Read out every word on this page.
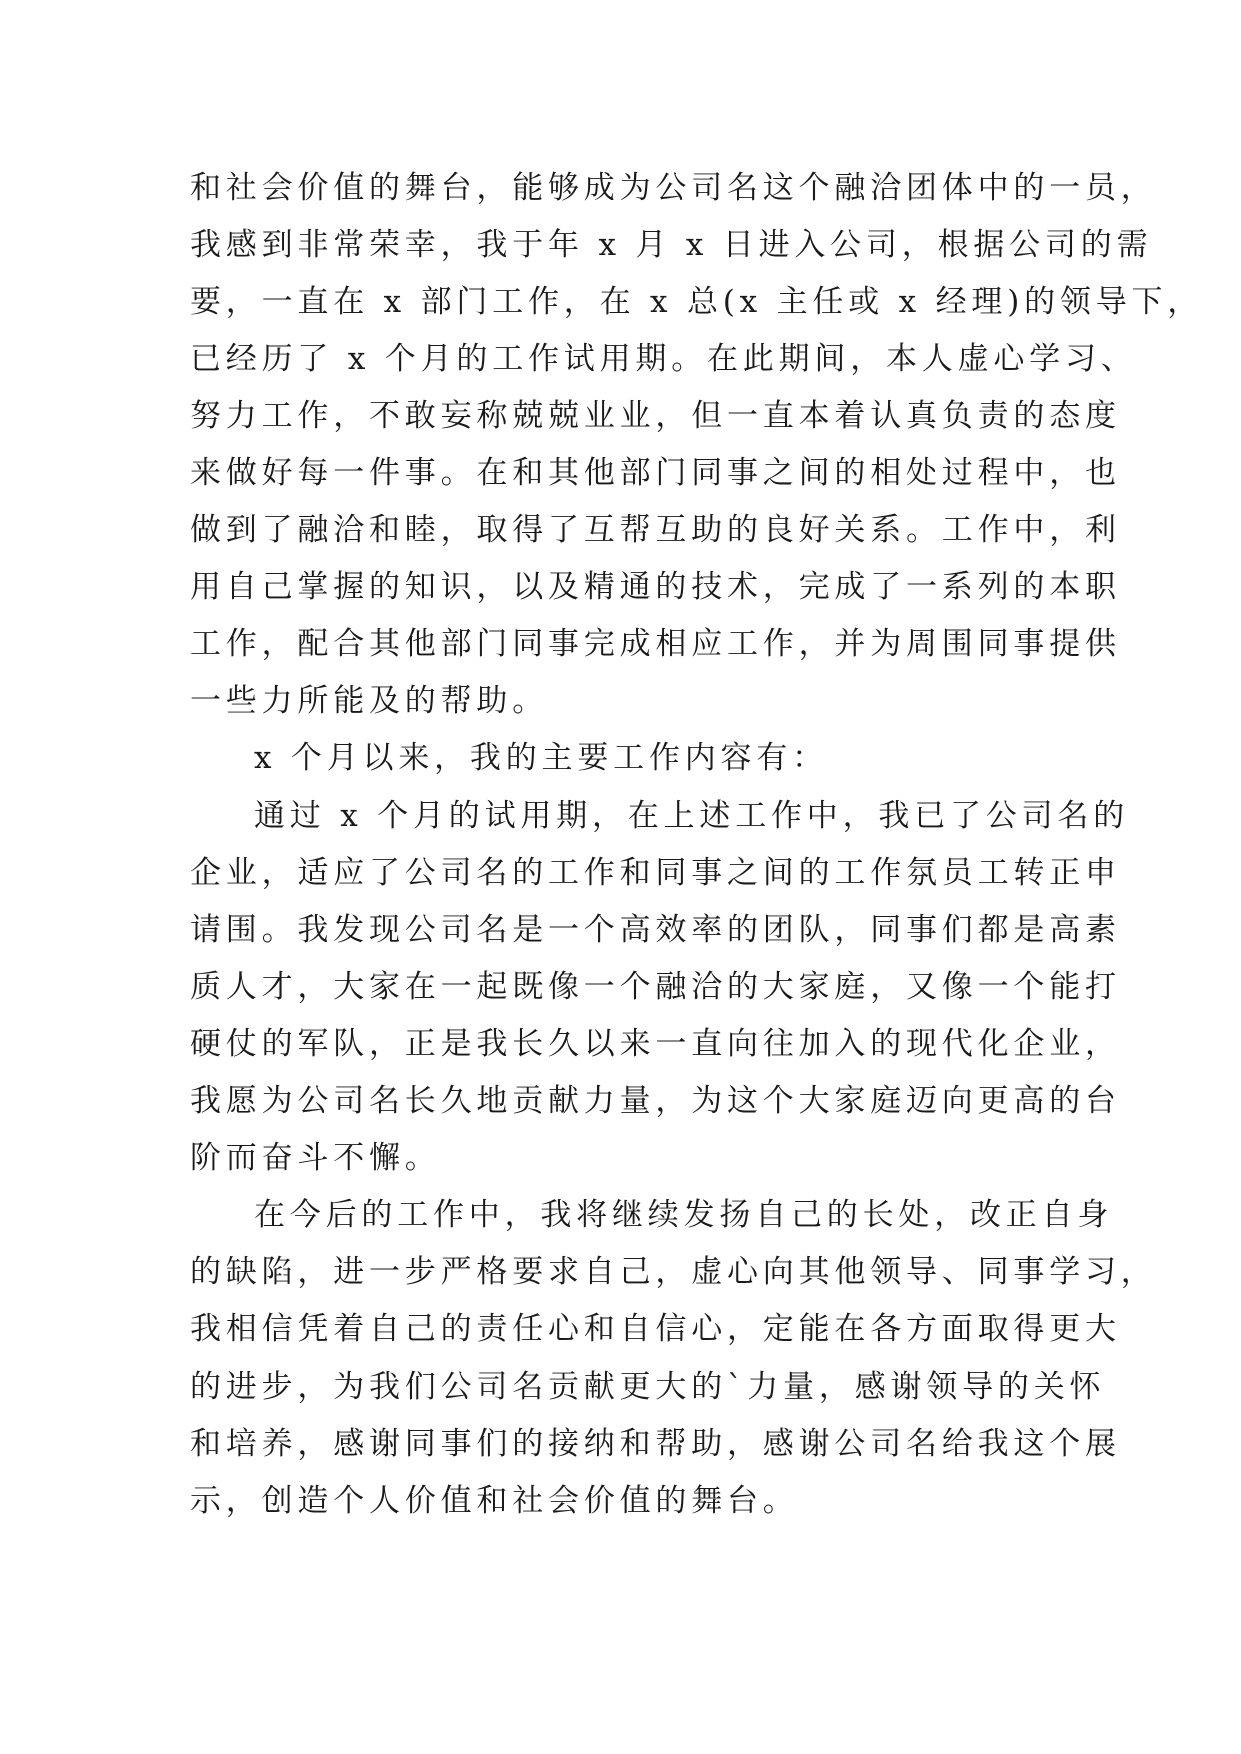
和社会价值的舞台，能够成为公司名这个融洽团体中的一员，
我感到非常荣幸，我于年 x 月 x 日进入公司，根据公司的需
要，一直在 x 部门工作，在 x 总(x 主任或 x 经理)的领导下，
已经历了 x 个月的工作试用期。在此期间，本人虚心学习、
努力工作，不敢妄称兢兢业业，但一直本着认真负责的态度
来做好每一件事。在和其他部门同事之间的相处过程中，也
做到了融洽和睦，取得了互帮互助的良好关系。工作中，利
用自己掌握的知识，以及精通的技术，完成了一系列的本职
工作，配合其他部门同事完成相应工作，并为周围同事提供
一些力所能及的帮助。
x 个月以来，我的主要工作内容有：
通过 x 个月的试用期，在上述工作中，我已了公司名的
企业，适应了公司名的工作和同事之间的工作氛员工转正申
请围。我发现公司名是一个高效率的团队，同事们都是高素
质人才，大家在一起既像一个融洽的大家庭，又像一个能打
硬仗的军队，正是我长久以来一直向往加入的现代化企业，
我愿为公司名长久地贡献力量，为这个大家庭迈向更高的台
阶而奋斗不懈。
在今后的工作中，我将继续发扬自己的长处，改正自身
的缺陷，进一步严格要求自己，虚心向其他领导、同事学习，
我相信凭着自己的责任心和自信心，定能在各方面取得更大
的进步，为我们公司名贡献更大的`力量，感谢领导的关怀
和培养，感谢同事们的接纳和帮助，感谢公司名给我这个展
示，创造个人价值和社会价值的舞台。
